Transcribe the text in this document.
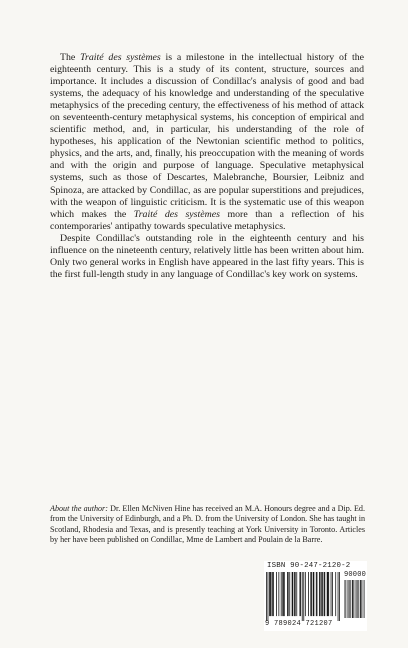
The Traité des systèmes is a milestone in the intellectual history of the eighteenth century. This is a study of its content, structure, sources and importance. It includes a discussion of Condillac's analysis of good and bad systems, the adequacy of his knowledge and understanding of the speculative metaphysics of the preceding century, the effectiveness of his method of attack on seventeenth-century metaphysical systems, his conception of empirical and scientific method, and, in particular, his understanding of the role of hypotheses, his application of the Newtonian scientific method to politics, physics, and the arts, and, finally, his preoccupation with the meaning of words and with the origin and purpose of language. Speculative metaphysical systems, such as those of Descartes, Malebranche, Boursier, Leibniz and Spinoza, are attacked by Condillac, as are popular superstitions and prejudices, with the weapon of linguistic criticism. It is the systematic use of this weapon which makes the Traité des systèmes more than a reflection of his contemporaries' antipathy towards speculative metaphysics.

Despite Condillac's outstanding role in the eighteenth century and his influence on the nineteenth century, relatively little has been written about him. Only two general works in English have appeared in the last fifty years. This is the first full-length study in any language of Condillac's key work on systems.

About the author: Dr. Ellen McNiven Hine has received an M.A. Honours degree and a Dip. Ed. from the University of Edinburgh, and a Ph. D. from the University of London. She has taught in Scotland, Rhodesia and Texas, and is presently teaching at York University in Toronto. Articles by her have been published on Condillac, Mme de Lambert and Poulain de la Barre.

ISBN 90-247-2120-2
90000
9 789024 721207
